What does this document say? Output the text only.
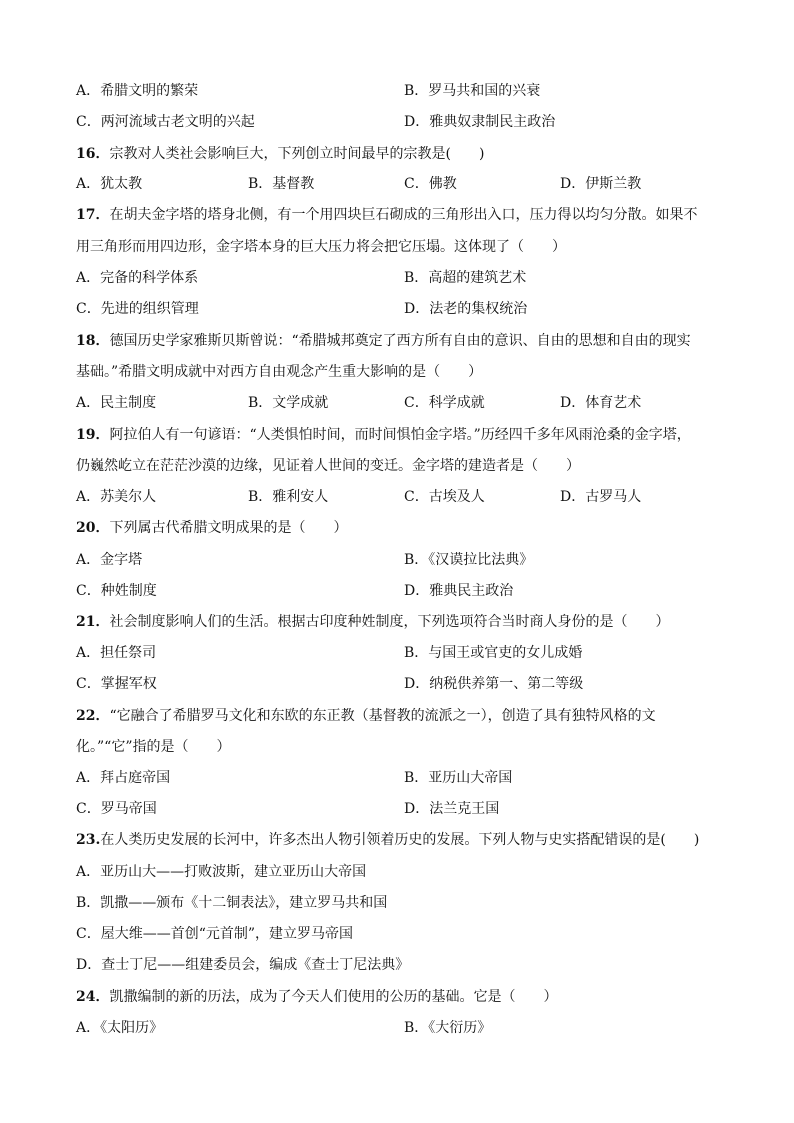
A．希腊文明的繁荣	B．罗马共和国的兴衰
C．两河流域古老文明的兴起	D．雅典奴隶制民主政治
16．宗教对人类社会影响巨大，下列创立时间最早的宗教是(　　)
A．犹太教	B．基督教	C．佛教	D．伊斯兰教
17．在胡夫金字塔的塔身北侧，有一个用四块巨石砌成的三角形出入口，压力得以均匀分散。如果不
用三角形而用四边形，金字塔本身的巨大压力将会把它压塌。这体现了（　　）
A．完备的科学体系	B．高超的建筑艺术
C．先进的组织管理	D．法老的集权统治
18．德国历史学家雅斯贝斯曾说：“希腊城邦奠定了西方所有自由的意识、自由的思想和自由的现实
基础。”希腊文明成就中对西方自由观念产生重大影响的是（　　）
A．民主制度	B．文学成就	C．科学成就	D．体育艺术
19．阿拉伯人有一句谚语：“人类惧怕时间，而时间惧怕金字塔。”历经四千多年风雨沧桑的金字塔，
仍巍然屹立在茫茫沙漠的边缘，见证着人世间的变迁。金字塔的建造者是（　　）
A．苏美尔人	B．雅利安人	C．古埃及人	D．古罗马人
20．下列属古代希腊文明成果的是（　　）
A．金字塔	B．《汉谟拉比法典》
C．种姓制度	D．雅典民主政治
21．社会制度影响人们的生活。根据古印度种姓制度，下列选项符合当时商人身份的是（　　）
A．担任祭司	B．与国王或官吏的女儿成婚
C．掌握军权	D．纳税供养第一、第二等级
22．“它融合了希腊罗马文化和东欧的东正教（基督教的流派之一），创造了具有独特风格的文
化。”“它”指的是（　　）
A．拜占庭帝国	B．亚历山大帝国
C．罗马帝国	D．法兰克王国
23.在人类历史发展的长河中，许多杰出人物引领着历史的发展。下列人物与史实搭配错误的是(　　)
A．亚历山大——打败波斯，建立亚历山大帝国
B．凯撒——颁布《十二铜表法》，建立罗马共和国
C．屋大维——首创“元首制”，建立罗马帝国
D．查士丁尼——组建委员会，编成《查士丁尼法典》
24．凯撒编制的新的历法，成为了今天人们使用的公历的基础。它是（　　）
A．《太阳历》	B．《大衍历》
